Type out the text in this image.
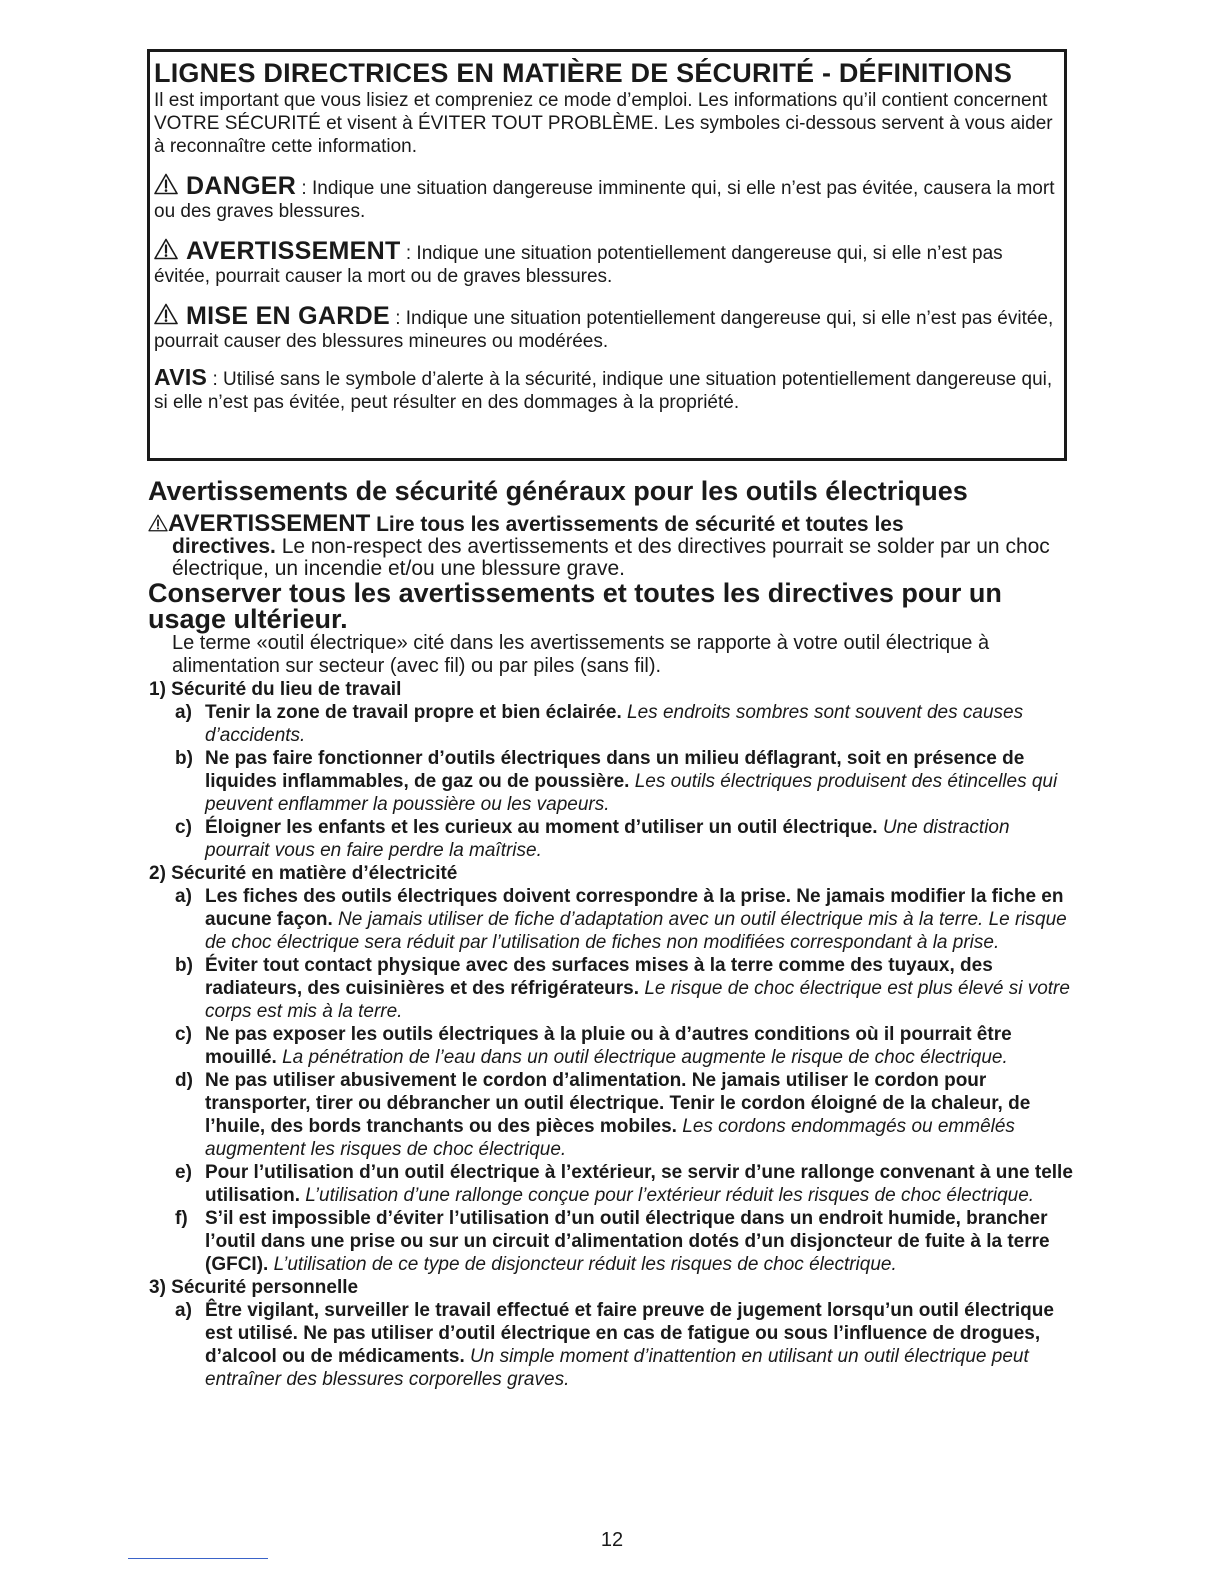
LIGNES DIRECTRICES EN MATIÈRE DE SÉCURITÉ - DÉFINITIONS
Il est important que vous lisiez et compreniez ce mode d’emploi. Les informations qu’il contient concernent VOTRE SÉCURITÉ et visent à ÉVITER TOUT PROBLÈME. Les symboles ci-dessous servent à vous aider à reconnaître cette information.
DANGER : Indique une situation dangereuse imminente qui, si elle n’est pas évitée, causera la mort ou des graves blessures.
AVERTISSEMENT : Indique une situation potentiellement dangereuse qui, si elle n’est pas évitée, pourrait causer la mort ou de graves blessures.
MISE EN GARDE : Indique une situation potentiellement dangereuse qui, si elle n’est pas évitée, pourrait causer des blessures mineures ou modérées.
AVIS : Utilisé sans le symbole d’alerte à la sécurité, indique une situation potentiellement dangereuse qui, si elle n’est pas évitée, peut résulter en des dommages à la propriété.
Avertissements de sécurité généraux pour les outils électriques
AVERTISSEMENT Lire tous les avertissements de sécurité et toutes les
directives. Le non-respect des avertissements et des directives pourrait se solder par un choc électrique, un incendie et/ou une blessure grave.
Conserver tous les avertissements et toutes les directives pour un usage ultérieur.
Le terme «outil électrique» cité dans les avertissements se rapporte à votre outil électrique à alimentation sur secteur (avec fil) ou par piles (sans fil).
1) Sécurité du lieu de travail
a) Tenir la zone de travail propre et bien éclairée. Les endroits sombres sont souvent des causes d’accidents.
b) Ne pas faire fonctionner d’outils électriques dans un milieu déflagrant, soit en présence de liquides inflammables, de gaz ou de poussière. Les outils électriques produisent des étincelles qui peuvent enflammer la poussière ou les vapeurs.
c) Éloigner les enfants et les curieux au moment d’utiliser un outil électrique. Une distraction pourrait vous en faire perdre la maîtrise.
2) Sécurité en matière d’électricité
a) Les fiches des outils électriques doivent correspondre à la prise. Ne jamais modifier la fiche en aucune façon. Ne jamais utiliser de fiche d’adaptation avec un outil électrique mis à la terre. Le risque de choc électrique sera réduit par l’utilisation de fiches non modifiées correspondant à la prise.
b) Éviter tout contact physique avec des surfaces mises à la terre comme des tuyaux, des radiateurs, des cuisinières et des réfrigérateurs. Le risque de choc électrique est plus élevé si votre corps est mis à la terre.
c) Ne pas exposer les outils électriques à la pluie ou à d’autres conditions où il pourrait être mouillé. La pénétration de l’eau dans un outil électrique augmente le risque de choc électrique.
d) Ne pas utiliser abusivement le cordon d’alimentation. Ne jamais utiliser le cordon pour transporter, tirer ou débrancher un outil électrique. Tenir le cordon éloigné de la chaleur, de l’huile, des bords tranchants ou des pièces mobiles. Les cordons endommagés ou emmêlés augmentent les risques de choc électrique.
e) Pour l’utilisation d’un outil électrique à l’extérieur, se servir d’une rallonge convenant à une telle utilisation. L’utilisation d’une rallonge conçue pour l’extérieur réduit les risques de choc électrique.
f) S’il est impossible d’éviter l’utilisation d’un outil électrique dans un endroit humide, brancher l’outil dans une prise ou sur un circuit d’alimentation dotés d’un disjoncteur de fuite à la terre (GFCI). L’utilisation de ce type de disjoncteur réduit les risques de choc électrique.
3) Sécurité personnelle
a) Être vigilant, surveiller le travail effectué et faire preuve de jugement lorsqu’un outil électrique est utilisé. Ne pas utiliser d’outil électrique en cas de fatigue ou sous l’influence de drogues, d’alcool ou de médicaments. Un simple moment d’inattention en utilisant un outil électrique peut entraîner des blessures corporelles graves.
12
